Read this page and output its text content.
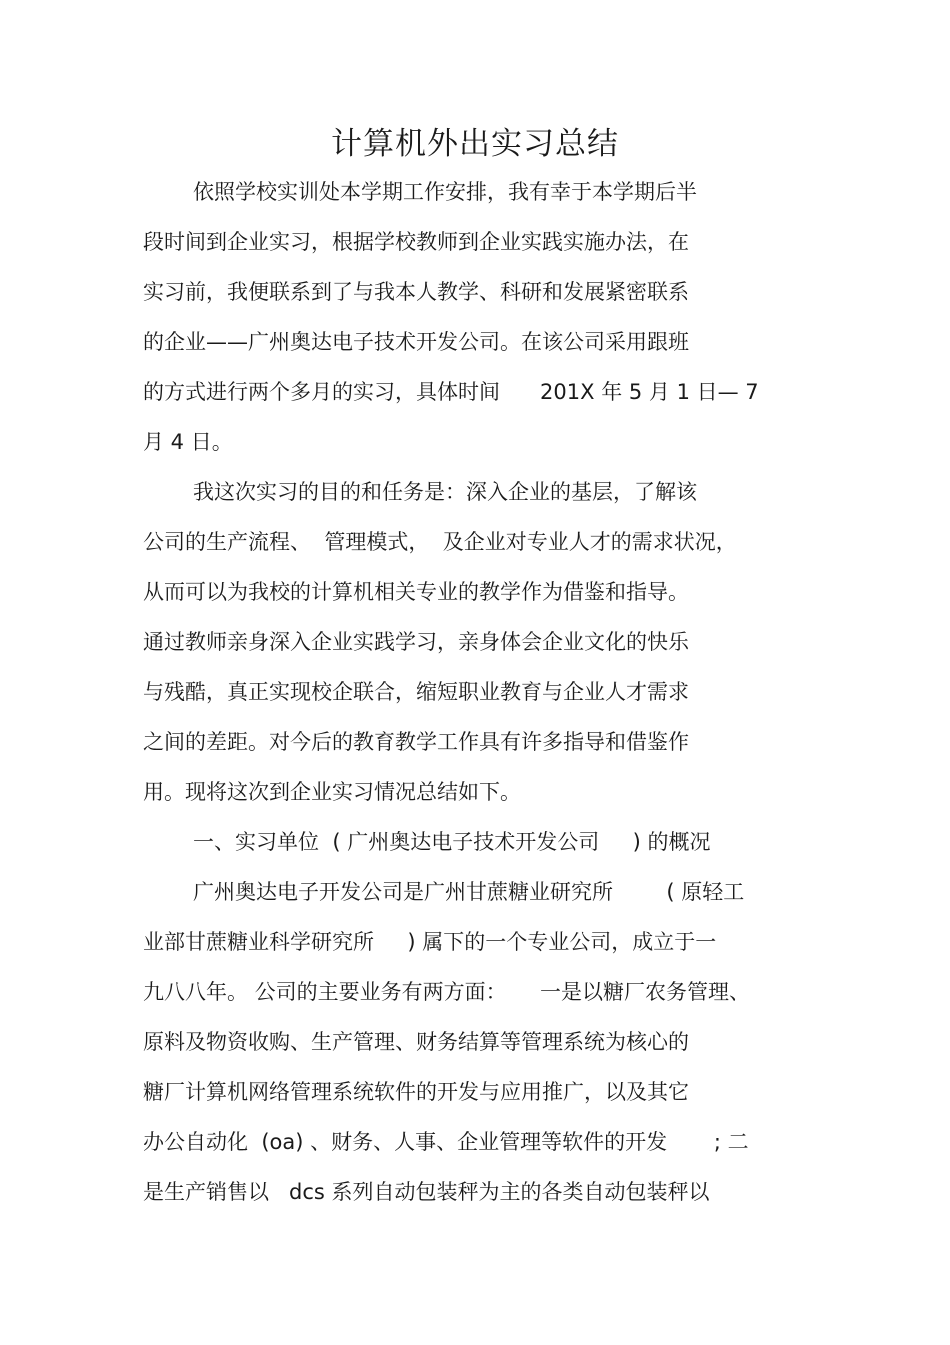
计算机外出实习总结

依照学校实训处本学期工作安排，我有幸于本学期后半

段时间到企业实习，根据学校教师到企业实践实施办法，在

实习前，我便联系到了与我本人教学、科研和发展紧密联系

的企业——广州奥达电子技术开发公司。在该公司采用跟班

的方式进行两个多月的实习，具体时间      201X 年 5 月 1 日— 7

月 4 日。

我这次实习的目的和任务是：深入企业的基层，了解该

公司的生产流程、  管理模式，  及企业对专业人才的需求状况，

从而可以为我校的计算机相关专业的教学作为借鉴和指导。

通过教师亲身深入企业实践学习，亲身体会企业文化的快乐

与残酷，真正实现校企联合，缩短职业教育与企业人才需求

之间的差距。对今后的教育教学工作具有许多指导和借鉴作

用。现将这次到企业实习情况总结如下。

一、实习单位  ( 广州奥达电子技术开发公司     ) 的概况

广州奥达电子开发公司是广州甘蔗糖业研究所        ( 原轻工

业部甘蔗糖业科学研究所     ) 属下的一个专业公司，成立于一

九八八年。 公司的主要业务有两方面：     一是以糖厂农务管理、

原料及物资收购、生产管理、财务结算等管理系统为核心的

糖厂计算机网络管理系统软件的开发与应用推广，以及其它

办公自动化  (oa) 、财务、人事、企业管理等软件的开发       ; 二

是生产销售以   dcs 系列自动包装秤为主的各类自动包装秤以
